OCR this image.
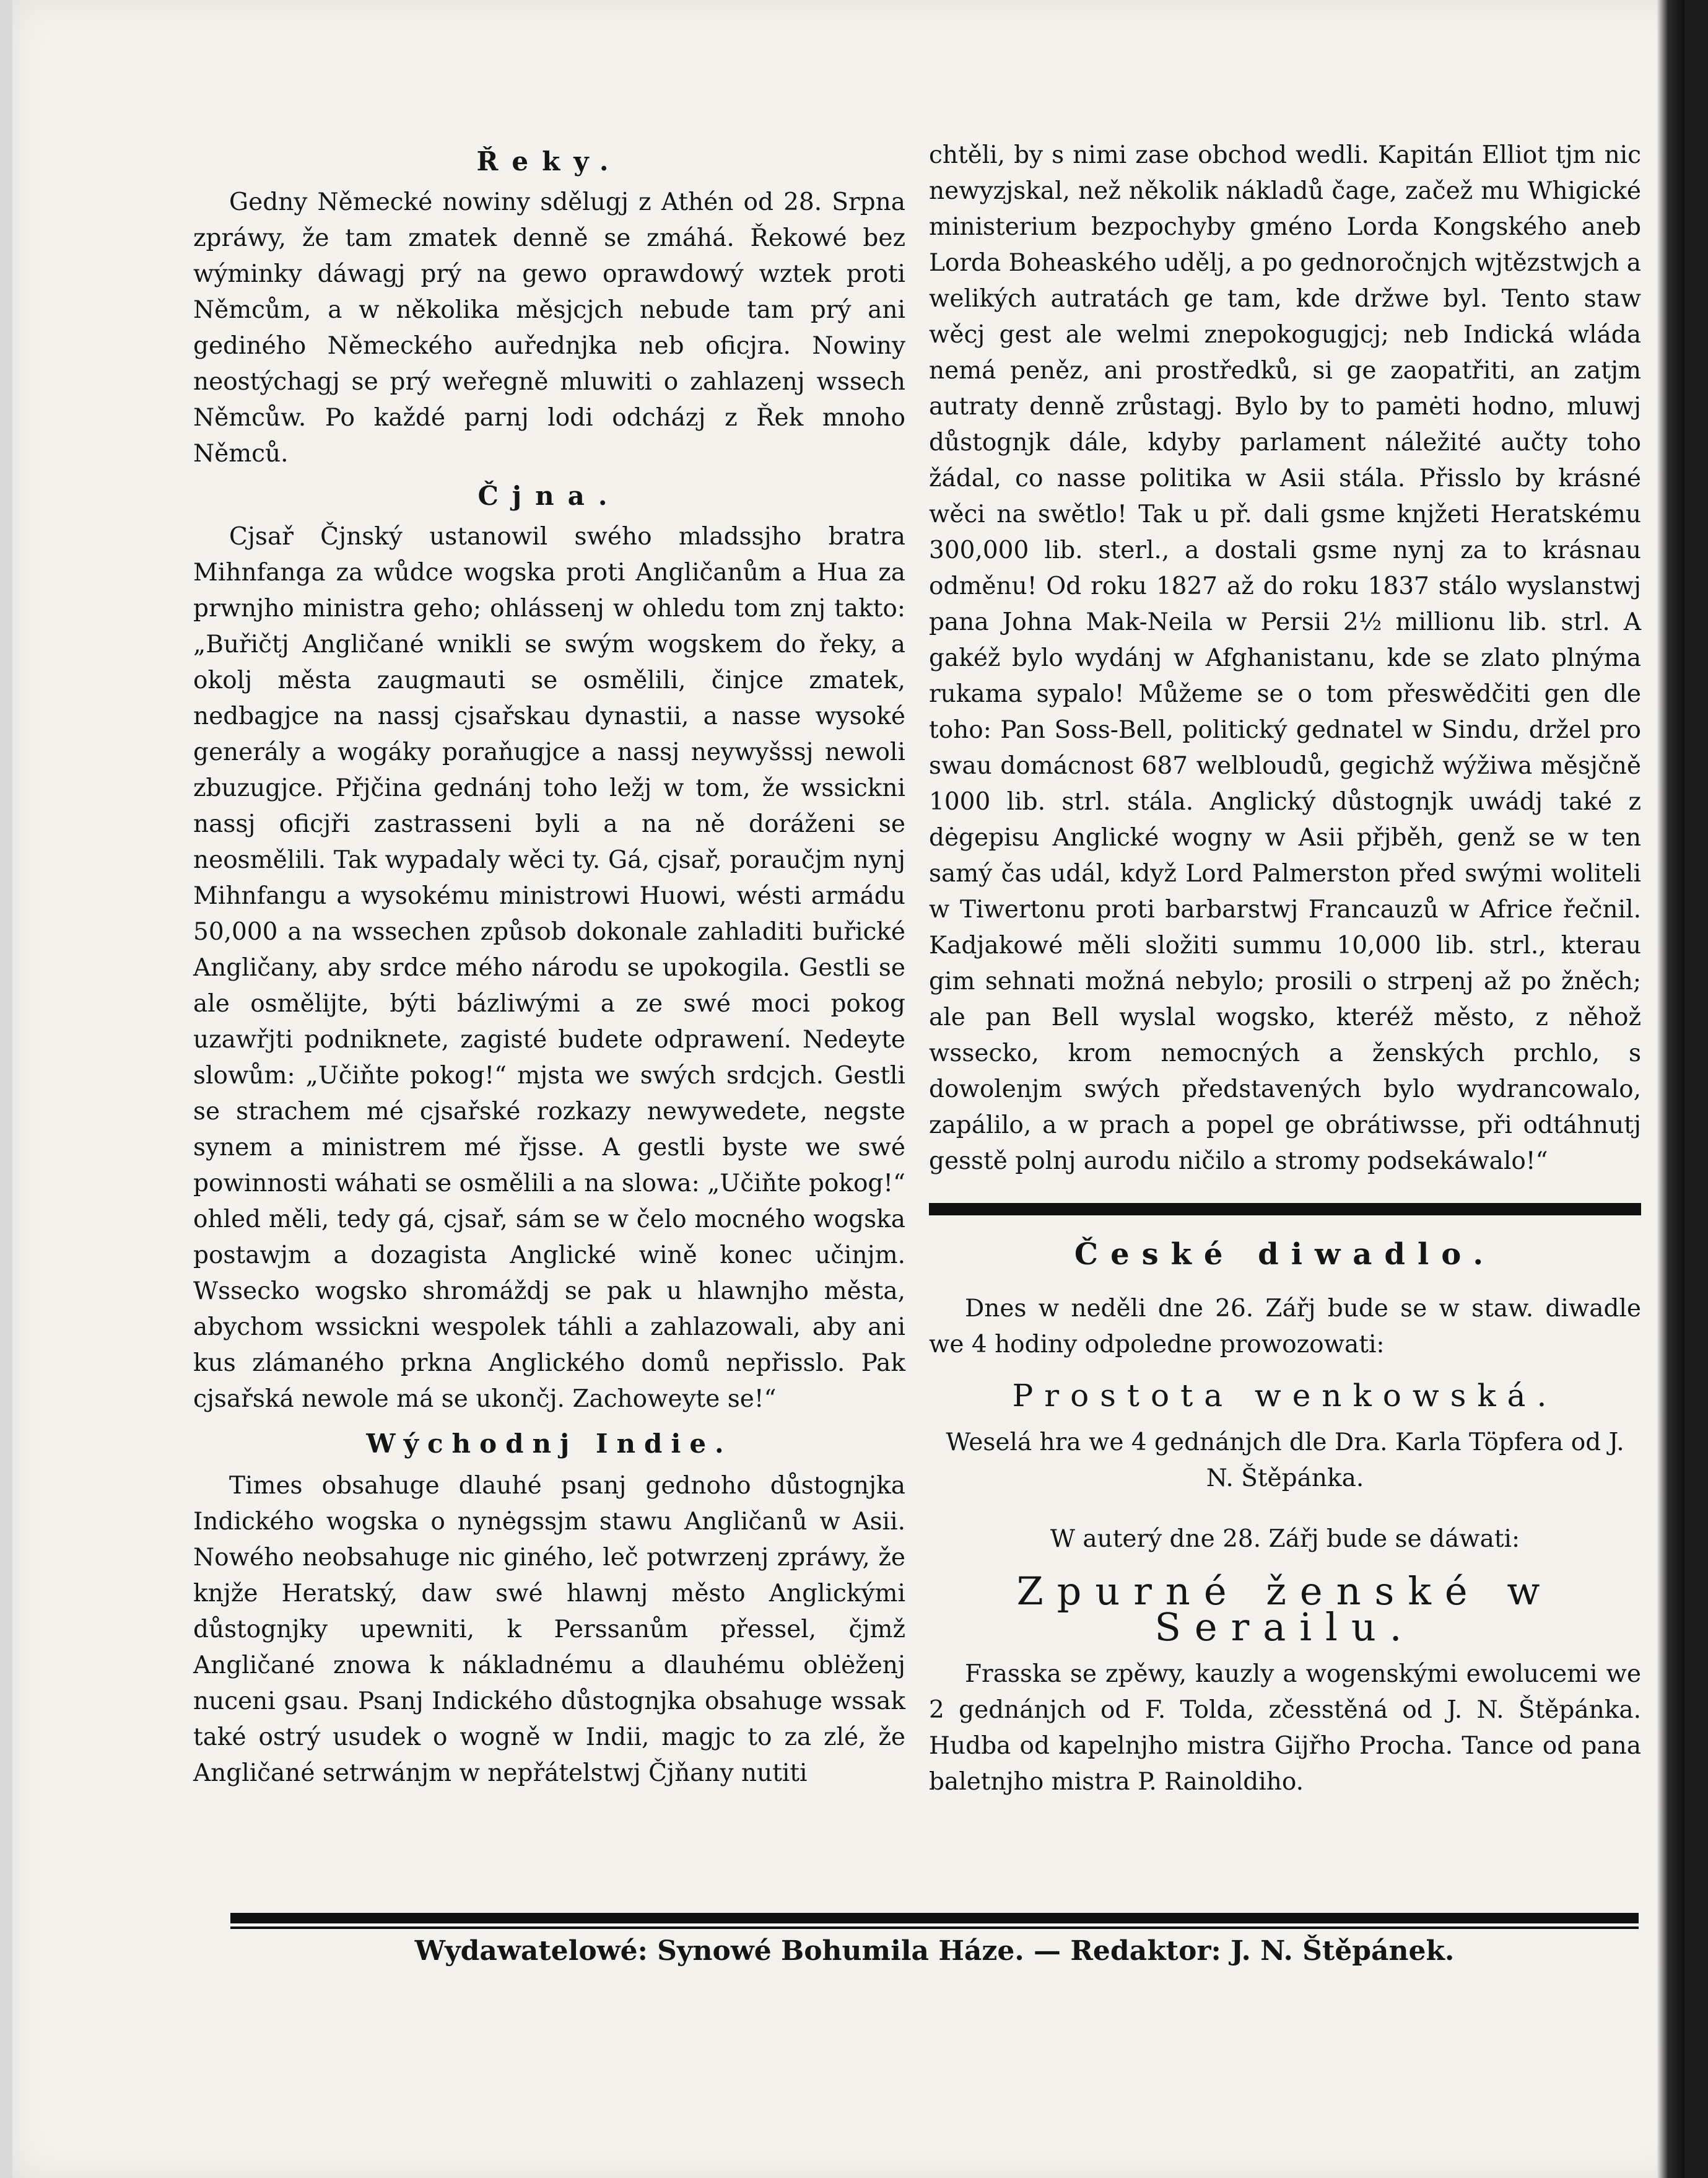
Řeky.

Gedny Německé nowiny sdělugj z Athén od 28. Srpna zpráwy, že tam zmatek denně se zmáhá. Řekowé bez wýminky dáwagj prý na gewo oprawdowý wztek proti Němcům, a w několika měsjcjch nebude tam prý ani gediného Německého auřednjka neb oficjra. Nowiny neostýchagj se prý weřegně mluwiti o zahlazenj wssech Němcůw. Po každé parnj lodi odcházj z Řek mnoho Němců.

Čjna.

Cjsař Čjnský ustanowil swého mladssjho bratra Mihnfanga za wůdce wogska proti Angličanům a Hua za prwnjho ministra geho; ohlássenj w ohledu tom znj takto: „Buřičtj Angličané wnikli se swým wogskem do řeky, a okolj města zaugmauti se osmělili, činjce zmatek, nedbagjce na nassj cjsařskau dynastii, a nasse wysoké generály a wogáky poraňugjce a nassj neywyšssj newoli zbuzugjce. Přjčina gednánj toho ležj w tom, že wssickni nassj oficjři zastrasseni byli a na ně doráženi se neosmělili. Tak wypadaly wěci ty. Gá, cjsař, poraučjm nynj Mihnfangu a wysokému ministrowi Huowi, wésti armádu 50,000 a na wssechen způsob dokonale zahladiti buřické Angličany, aby srdce mého národu se upokogila. Gestli se ale osmělijte, býti bázliwými a ze swé moci pokog uzawřjti podniknete, zagisté budete odprawení. Nedeyte slowům: „Učiňte pokog!“ mjsta we swých srdcjch. Gestli se strachem mé cjsařské rozkazy newywedete, negste synem a ministrem mé řjsse. A gestli byste we swé powinnosti wáhati se osmělili a na slowa: „Učiňte pokog!“ ohled měli, tedy gá, cjsař, sám se w čelo mocného wogska postawjm a dozagista Anglické wině konec učinjm. Wssecko wogsko shromáždj se pak u hlawnjho města, abychom wssickni wespolek táhli a zahlazowali, aby ani kus zlámaného prkna Anglického domů nepřisslo. Pak cjsařská newole má se ukončj. Zachoweyte se!“

Wýchodnj Indie.

Times obsahuge dlauhé psanj gednoho důstognjka Indického wogska o nynėgssjm stawu Angličanů w Asii. Nowého neobsahuge nic giného, leč potwrzenj zpráwy, že knjže Heratský, daw swé hlawnj město Anglickými důstognjky upewniti, k Perssanům přessel, čjmž Angličané znowa k nákladnému a dlauhému oblėženj nuceni gsau. Psanj Indického důstognjka obsahuge wssak také ostrý usudek o wogně w Indii, magjc to za zlé, že Angličané setrwánjm w nepřátelstwj Čjňany nutiti

chtěli, by s nimi zase obchod wedli. Kapitán Elliot tjm nic newyzjskal, než několik nákladů čage, začež mu Whigické ministerium bezpochyby gméno Lorda Kongského aneb Lorda Boheaského udělj, a po gednoročnjch wjtězstwjch a welikých autratách ge tam, kde držwe byl. Tento staw wěcj gest ale welmi znepokogugjcj; neb Indická wláda nemá peněz, ani prostředků, si ge zaopatřiti, an zatjm autraty denně zrůstagj. Bylo by to pamėti hodno, mluwj důstognjk dále, kdyby parlament náležité aučty toho žádal, co nasse politika w Asii stála. Přisslo by krásné wěci na swětlo! Tak u př. dali gsme knjžeti Heratskému 300,000 lib. sterl., a dostali gsme nynj za to krásnau odměnu! Od roku 1827 až do roku 1837 stálo wyslanstwj pana Johna Mak-Neila w Persii 2½ millionu lib. strl. A gakéž bylo wydánj w Afghanistanu, kde se zlato plnýma rukama sypalo! Můžeme se o tom přeswědčiti gen dle toho: Pan Soss-Bell, politický gednatel w Sindu, držel pro swau domácnost 687 welbloudů, gegichž wýžiwa měsjčně 1000 lib. strl. stála. Anglický důstognjk uwádj také z dėgepisu Anglické wogny w Asii přjběh, genž se w ten samý čas udál, když Lord Palmerston před swými woliteli w Tiwertonu proti barbarstwj Francauzů w Africe řečnil. Kadjakowé měli složiti summu 10,000 lib. strl., kterau gim sehnati možná nebylo; prosili o strpenj až po žněch; ale pan Bell wyslal wogsko, kteréž město, z něhož wssecko, krom nemocných a ženských prchlo, s dowolenjm swých představených bylo wydrancowalo, zapálilo, a w prach a popel ge obrátiwsse, při odtáhnutj gesstě polnj aurodu ničilo a stromy podsekáwalo!“

České diwadlo.

Dnes w neděli dne 26. Zářj bude se w staw. diwadle we 4 hodiny odpoledne prowozowati:

Prostota wenkowská.

Weselá hra we 4 gednánjch dle Dra. Karla Töpfera od J. N. Štěpánka.

W auterý dne 28. Zářj bude se dáwati:

Zpurné ženské w Serailu.

Frasska se zpěwy, kauzly a wogenskými ewolucemi we 2 gednánjch od F. Tolda, zčesstěná od J. N. Štěpánka. Hudba od kapelnjho mistra Gijřho Procha. Tance od pana baletnjho mistra P. Rainoldiho.

Wydawatelowé: Synowé Bohumila Háze. — Redaktor: J. N. Štěpánek.
